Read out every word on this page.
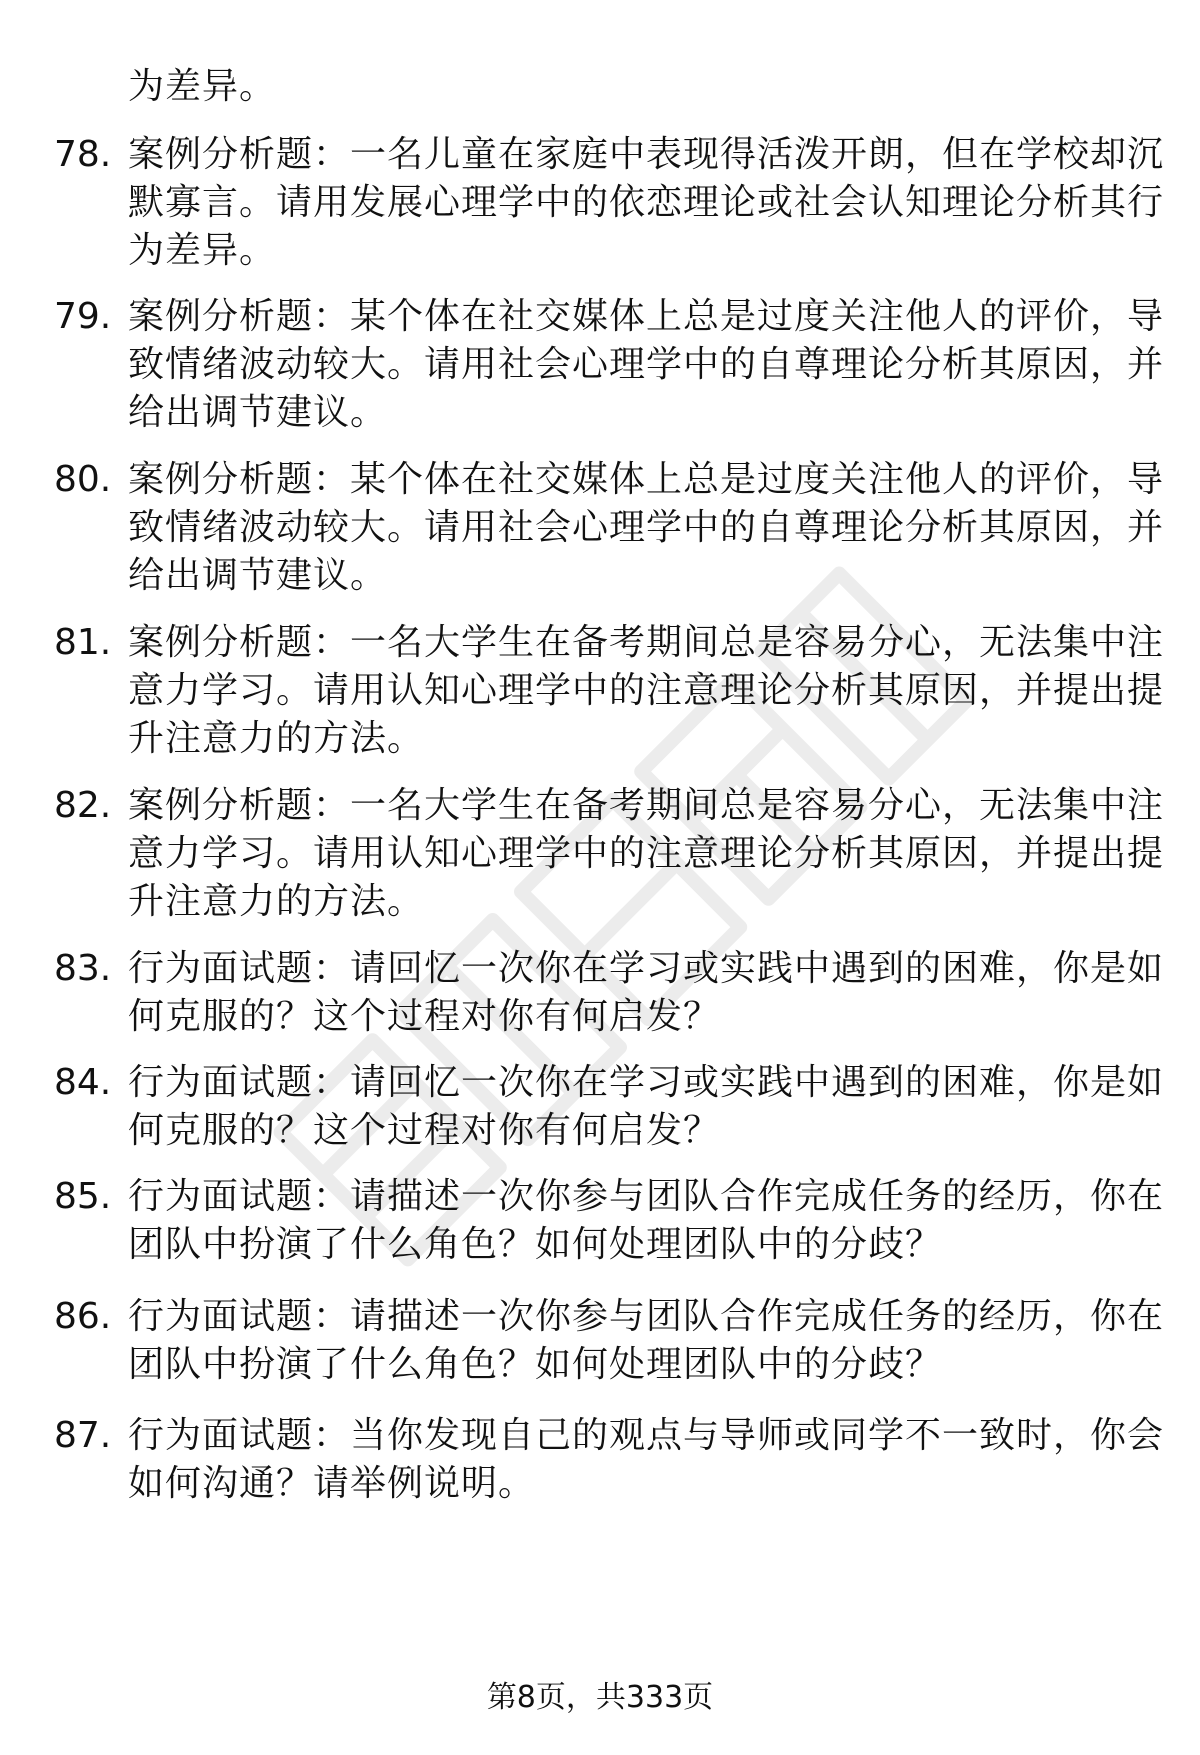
为差异。
78. 案例分析题：一名儿童在家庭中表现得活泼开朗，但在学校却沉
默寡言。请用发展心理学中的依恋理论或社会认知理论分析其行
为差异。
79. 案例分析题：某个体在社交媒体上总是过度关注他人的评价，导
致情绪波动较大。请用社会心理学中的自尊理论分析其原因，并
给出调节建议。
80. 案例分析题：某个体在社交媒体上总是过度关注他人的评价，导
致情绪波动较大。请用社会心理学中的自尊理论分析其原因，并
给出调节建议。
81. 案例分析题：一名大学生在备考期间总是容易分心，无法集中注
意力学习。请用认知心理学中的注意理论分析其原因，并提出提
升注意力的方法。
82. 案例分析题：一名大学生在备考期间总是容易分心，无法集中注
意力学习。请用认知心理学中的注意理论分析其原因，并提出提
升注意力的方法。
83. 行为面试题：请回忆一次你在学习或实践中遇到的困难，你是如
何克服的？这个过程对你有何启发？
84. 行为面试题：请回忆一次你在学习或实践中遇到的困难，你是如
何克服的？这个过程对你有何启发？
85. 行为面试题：请描述一次你参与团队合作完成任务的经历，你在
团队中扮演了什么角色？如何处理团队中的分歧？
86. 行为面试题：请描述一次你参与团队合作完成任务的经历，你在
团队中扮演了什么角色？如何处理团队中的分歧？
87. 行为面试题：当你发现自己的观点与导师或同学不一致时，你会
如何沟通？请举例说明。
第8页，共333页
